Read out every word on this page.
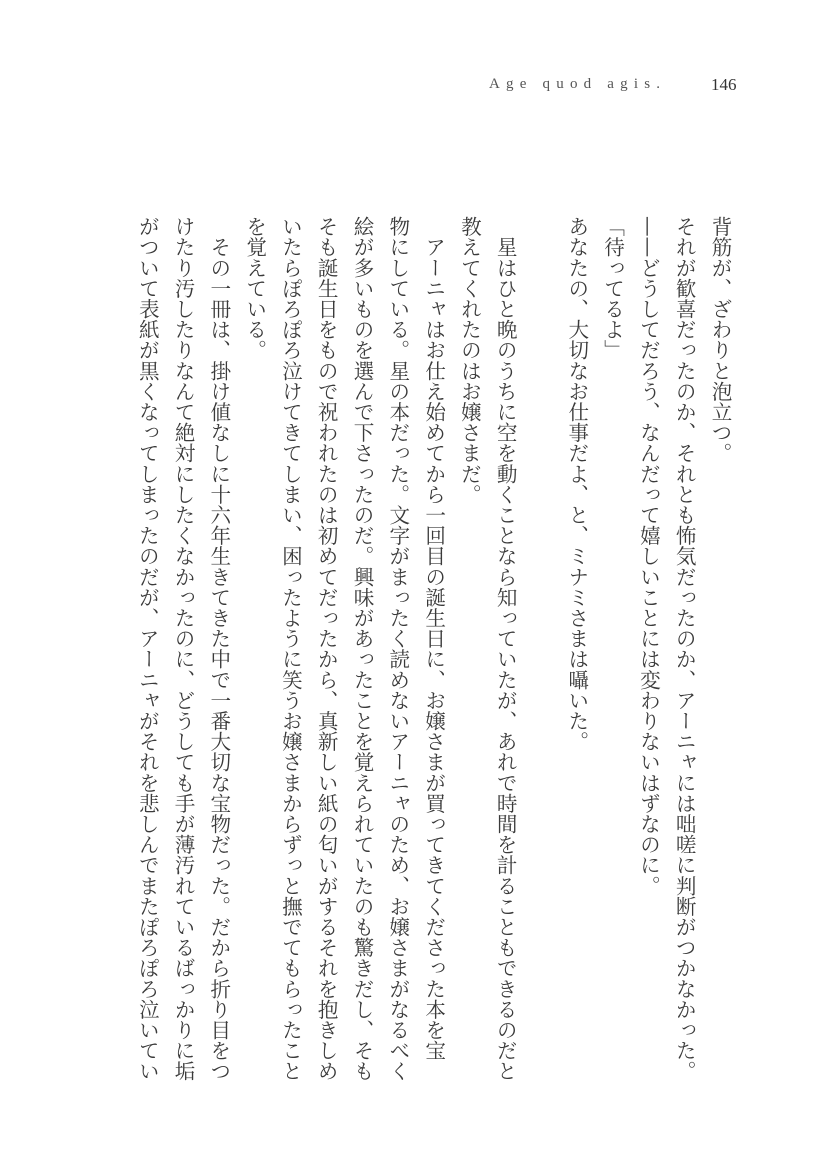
Age quod agis.	146
背筋が、ざわりと泡立つ。
それが歓喜だったのか、それとも怖気だったのか、アーニャには咄嗟に判断がつかなかった。
——どうしてだろう、なんだって嬉しいことには変わりないはずなのに。
「待ってるよ」
あなたの、大切なお仕事だよ、と、ミナミさまは囁いた。
　星はひと晩のうちに空を動くことなら知っていたが、あれで時間を計ることもできるのだと
教えてくれたのはお嬢さまだ。
　アーニャはお仕え始めてから一回目の誕生日に、お嬢さまが買ってきてくださった本を宝
物にしている。星の本だった。文字がまったく読めないアーニャのため、お嬢さまがなるべく
絵が多いものを選んで下さったのだ。興味があったことを覚えられていたのも驚きだし、そも
そも誕生日をもので祝われたのは初めてだったから、真新しい紙の匂いがするそれを抱きしめ
いたらぽろぽろ泣けてきてしまい、困ったように笑うお嬢さまからずっと撫でてもらったこと
を覚えている。
　その一冊は、掛け値なしに十六年生きてきた中で一番大切な宝物だった。だから折り目をつ
けたり汚したりなんて絶対にしたくなかったのに、どうしても手が薄汚れているばっかりに垢
がついて表紙が黒くなってしまったのだが、アーニャがそれを悲しんでまたぽろぽろ泣いてい
